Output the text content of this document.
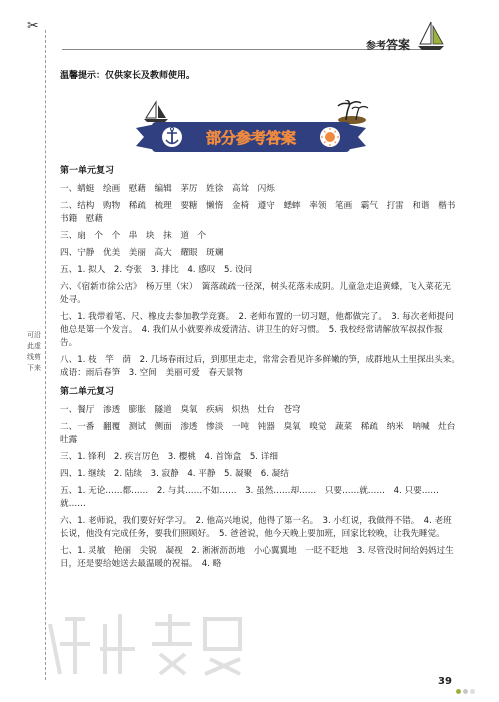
✂
可沿此虚线剪下来
参考答案
温馨提示：仅供家长及教师使用。
部分参考答案

第一单元复习

一、蜻蜓　绘画　慰藉　编辑　茅厉　姓徐　高耸　闪烁

二、结构　购物　稀疏　梳理　要糖　懒惰　金椅　遵守　蟋蟀　率领　笔画　霸气　打雷　和谐　楷书　书籍　慰藉

三、扇　个　个　串　块　抹　道　个

四、宁静　优美　美丽　高大　耀眼　斑斓

五、1. 拟人　2. 夸张　3. 排比　4. 感叹　5. 设问

六、《宿新市徐公店》　杨万里（宋）　篱落疏疏一径深，树头花落未成阴。儿童急走追黄蝶，飞入菜花无处寻。

七、1. 我带着笔、尺、橡皮去参加教学竞赛。　2. 老师布置的一切习题，他都做完了。　3. 每次老师提问他总是第一个发言。　4. 我们从小就要养成爱清洁、讲卫生的好习惯。　5. 我校经常请解放军叔叔作报告。

八、1. 枝　竿　荫　2. 几场春雨过后，到那里走走，常常会看见许多鲜嫩的笋，成群地从土里探出头来。　成语：雨后春笋　3. 空间　美丽可爱　春天景物

第二单元复习

一、餐厅　渗透　膨胀　隧道　臭氧　疾病　炽热　灶台　苍穹

二、一番　翻覆　测试　侧面　渗透　惨淡　一吨　钝器　臭氧　嗅觉　蔬菜　稀疏　纳米　呐喊　灶台　吐露

三、1. 锋利　2. 疾言厉色　3. 樱桃　4. 首饰盒　5. 详细

四、1. 继续　2. 陆续　3. 寂静　4. 平静　5. 凝聚　6. 凝结

五、1. 无论……都……　2. 与其……不如……　3. 虽然……却……　只要……就……　4. 只要……就……

六、1. 老师说，我们要好好学习。　2. 他高兴地说，他得了第一名。　3. 小红说，我做得不错。　4. 老班长说，他没有完成任务，要我们照顾好。　5. 爸爸说，他今天晚上要加班，回家比较晚，让我先睡觉。

七、1. 灵敏　艳丽　尖锐　凝视　2. 淅淅沥沥地　小心翼翼地　一眨不眨地　3. 尽管没时间给妈妈过生日，还是要给她送去最温暖的祝福。　4. 略

39
